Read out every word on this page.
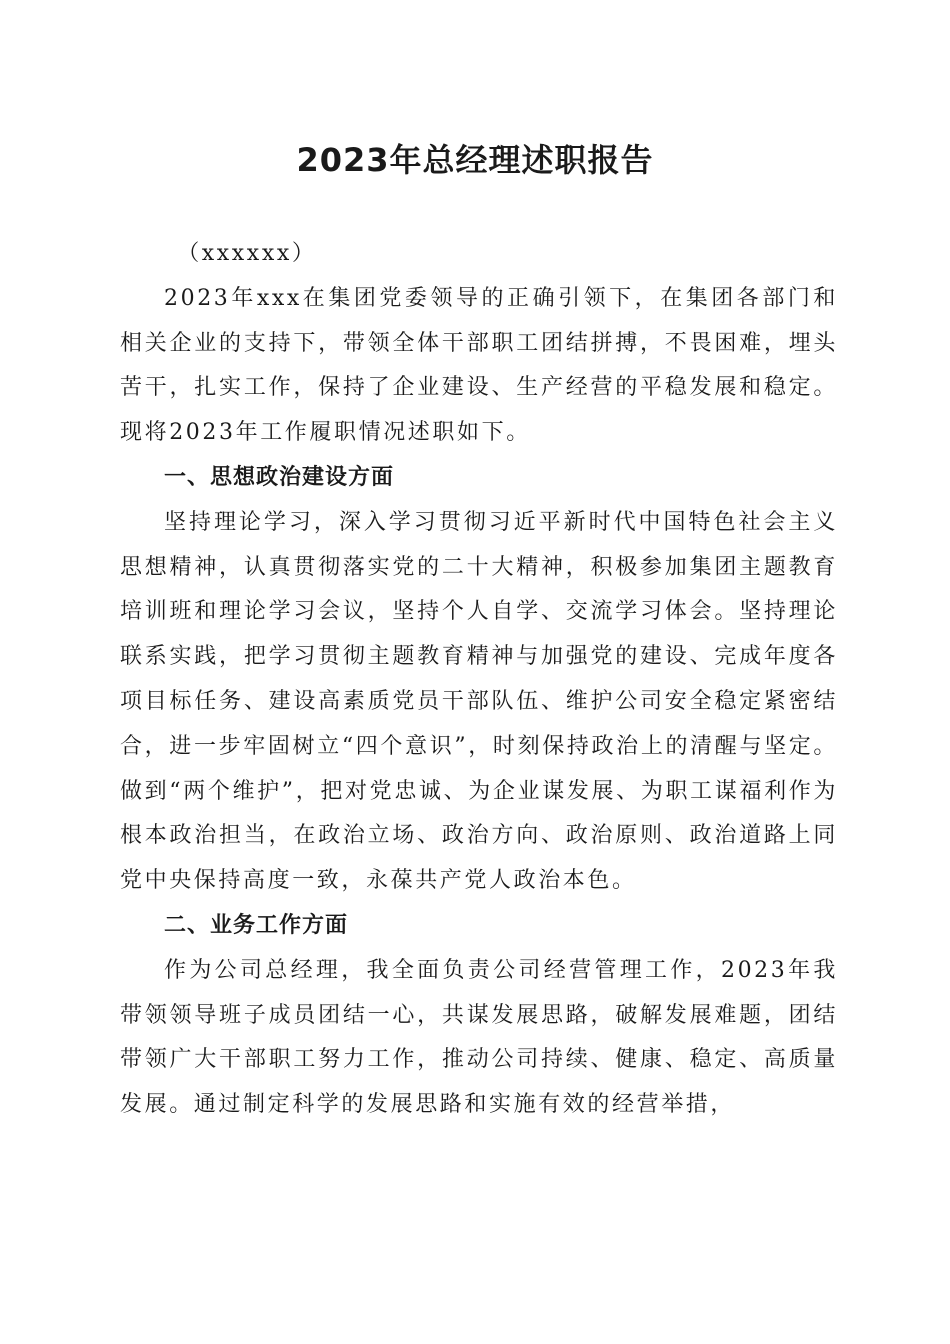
2023年总经理述职报告

（xxxxxx）

2023年xxx在集团党委领导的正确引领下，在集团各部门和相关企业的支持下，带领全体干部职工团结拼搏，不畏困难，埋头苦干，扎实工作，保持了企业建设、生产经营的平稳发展和稳定。现将2023年工作履职情况述职如下。

一、思想政治建设方面

坚持理论学习，深入学习贯彻习近平新时代中国特色社会主义思想精神，认真贯彻落实党的二十大精神，积极参加集团主题教育培训班和理论学习会议，坚持个人自学、交流学习体会。坚持理论联系实践，把学习贯彻主题教育精神与加强党的建设、完成年度各项目标任务、建设高素质党员干部队伍、维护公司安全稳定紧密结合，进一步牢固树立“四个意识”，时刻保持政治上的清醒与坚定。做到“两个维护”，把对党忠诚、为企业谋发展、为职工谋福利作为根本政治担当，在政治立场、政治方向、政治原则、政治道路上同党中央保持高度一致，永葆共产党人政治本色。

二、业务工作方面

作为公司总经理，我全面负责公司经营管理工作，2023年我带领领导班子成员团结一心，共谋发展思路，破解发展难题，团结带领广大干部职工努力工作，推动公司持续、健康、稳定、高质量发展。通过制定科学的发展思路和实施有效的经营举措，
